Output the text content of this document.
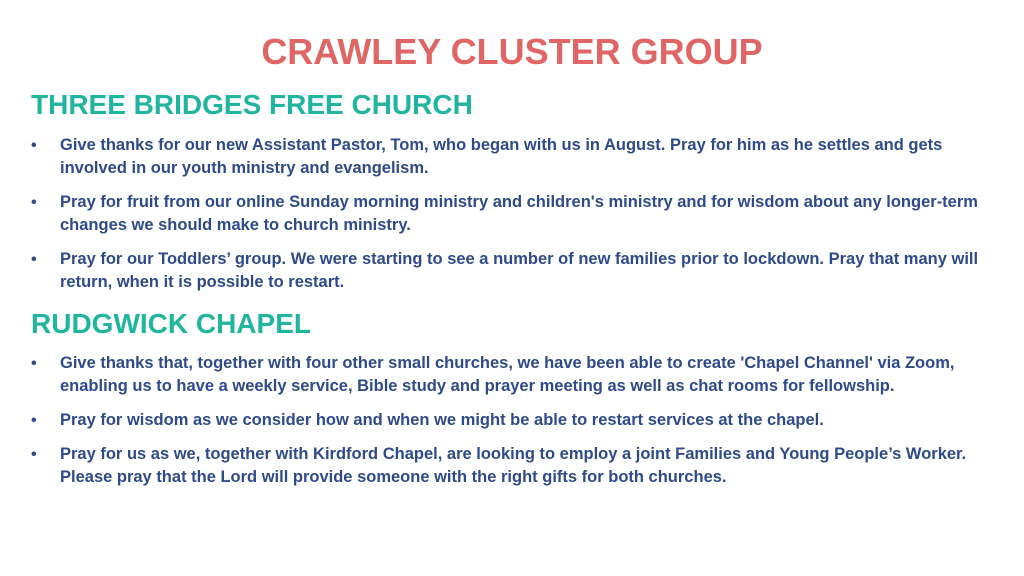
CRAWLEY CLUSTER GROUP
THREE BRIDGES FREE CHURCH
• Give thanks for our new Assistant Pastor, Tom, who began with us in August. Pray for him as he settles and gets involved in our youth ministry and evangelism.
• Pray for fruit from our online Sunday morning ministry and children's ministry and for wisdom about any longer-term changes we should make to church ministry.
• Pray for our Toddlers’ group. We were starting to see a number of new families prior to lockdown. Pray that many will return, when it is possible to restart.
RUDGWICK CHAPEL
• Give thanks that, together with four other small churches, we have been able to create 'Chapel Channel' via Zoom, enabling us to have a weekly service, Bible study and prayer meeting as well as chat rooms for fellowship.
• Pray for wisdom as we consider how and when we might be able to restart services at the chapel.
• Pray for us as we, together with Kirdford Chapel, are looking to employ a joint Families and Young People’s Worker. Please pray that the Lord will provide someone with the right gifts for both churches.
